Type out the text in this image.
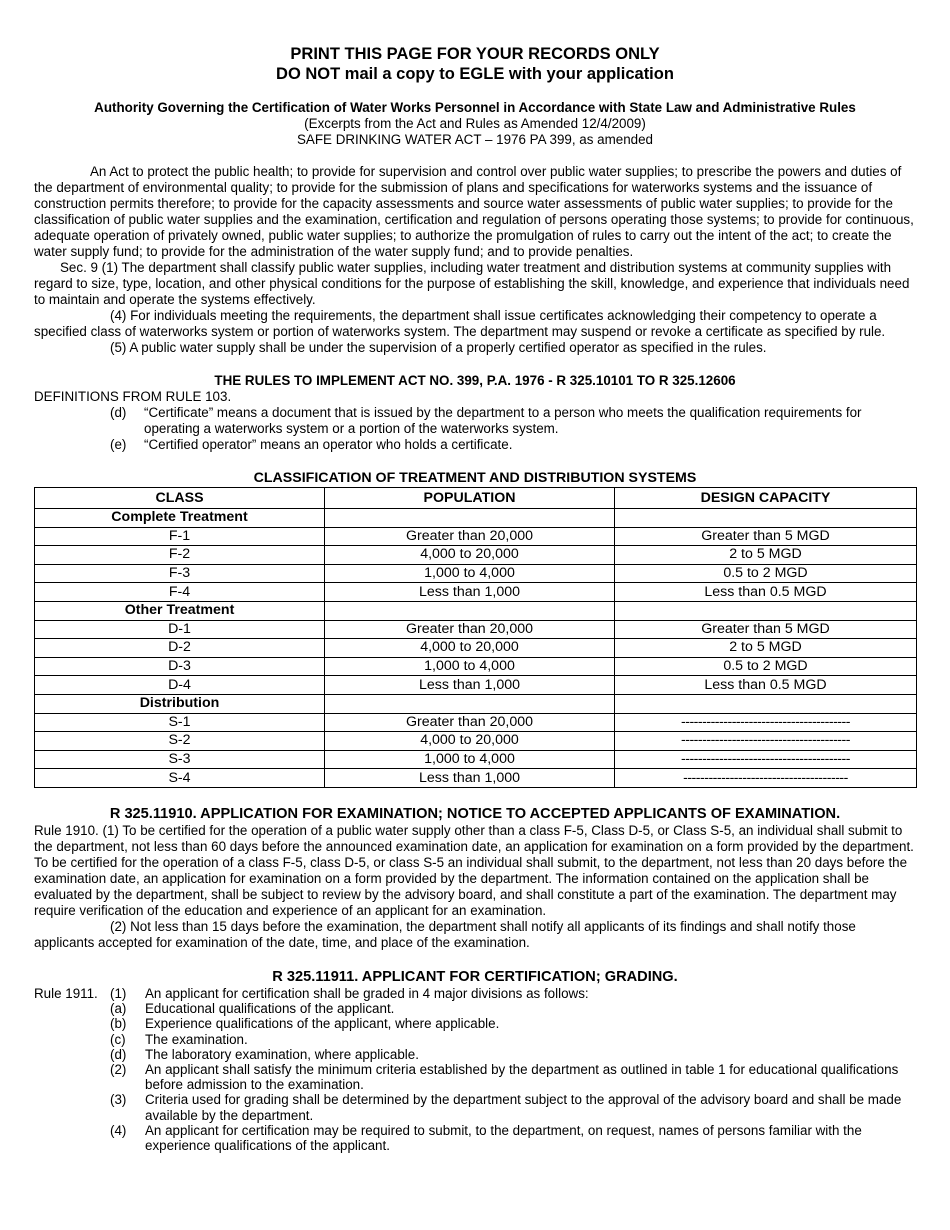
PRINT THIS PAGE FOR YOUR RECORDS ONLY
DO NOT mail a copy to EGLE with your application
Authority Governing the Certification of Water Works Personnel in Accordance with State Law and Administrative Rules
(Excerpts from the Act and Rules as Amended 12/4/2009)
SAFE DRINKING WATER ACT – 1976 PA 399, as amended

An Act to protect the public health; to provide for supervision and control over public water supplies; to prescribe the powers and duties of the department of environmental quality; to provide for the submission of plans and specifications for waterworks systems and the issuance of construction permits therefore; to provide for the capacity assessments and source water assessments of public water supplies; to provide for the classification of public water supplies and the examination, certification and regulation of persons operating those systems; to provide for continuous, adequate operation of privately owned, public water supplies; to authorize the promulgation of rules to carry out the intent of the act; to create the water supply fund; to provide for the administration of the water supply fund; and to provide penalties.

Sec. 9 (1) The department shall classify public water supplies, including water treatment and distribution systems at community supplies with regard to size, type, location, and other physical conditions for the purpose of establishing the skill, knowledge, and experience that individuals need to maintain and operate the systems effectively.

(4) For individuals meeting the requirements, the department shall issue certificates acknowledging their competency to operate a specified class of waterworks system or portion of waterworks system. The department may suspend or revoke a certificate as specified by rule.

(5) A public water supply shall be under the supervision of a properly certified operator as specified in the rules.

THE RULES TO IMPLEMENT ACT NO. 399, P.A. 1976 - R 325.10101 TO R 325.12606
DEFINITIONS FROM RULE 103.
(d) “Certificate” means a document that is issued by the department to a person who meets the qualification requirements for operating a waterworks system or a portion of the waterworks system.
(e) “Certified operator” means an operator who holds a certificate.
CLASSIFICATION OF TREATMENT AND DISTRIBUTION SYSTEMS
CLASS	POPULATION	DESIGN CAPACITY
Complete Treatment		
F-1	Greater than 20,000	Greater than 5 MGD
F-2	4,000 to 20,000	2 to 5 MGD
F-3	1,000 to 4,000	0.5 to 2 MGD
F-4	Less than 1,000	Less than 0.5 MGD
Other Treatment		
D-1	Greater than 20,000	Greater than 5 MGD
D-2	4,000 to 20,000	2 to 5 MGD
D-3	1,000 to 4,000	0.5 to 2 MGD
D-4	Less than 1,000	Less than 0.5 MGD
Distribution		
S-1	Greater than 20,000	----------------------------------------
S-2	4,000 to 20,000	----------------------------------------
S-3	1,000 to 4,000	----------------------------------------
S-4	Less than 1,000	---------------------------------------
R 325.11910. APPLICATION FOR EXAMINATION; NOTICE TO ACCEPTED APPLICANTS OF EXAMINATION.

Rule 1910. (1) To be certified for the operation of a public water supply other than a class F-5, Class D-5, or Class S-5, an individual shall submit to the department, not less than 60 days before the announced examination date, an application for examination on a form provided by the department. To be certified for the operation of a class F-5, class D-5, or class S-5 an individual shall submit, to the department, not less than 20 days before the examination date, an application for examination on a form provided by the department. The information contained on the application shall be evaluated by the department, shall be subject to review by the advisory board, and shall constitute a part of the examination. The department may require verification of the education and experience of an applicant for an examination.

(2) Not less than 15 days before the examination, the department shall notify all applicants of its findings and shall notify those applicants accepted for examination of the date, time, and place of the examination.

R 325.11911. APPLICANT FOR CERTIFICATION; GRADING.
Rule 1911. (1) An applicant for certification shall be graded in 4 major divisions as follows:
(a) Educational qualifications of the applicant.
(b) Experience qualifications of the applicant, where applicable.
(c) The examination.
(d) The laboratory examination, where applicable.
(2) An applicant shall satisfy the minimum criteria established by the department as outlined in table 1 for educational qualifications before admission to the examination.
(3) Criteria used for grading shall be determined by the department subject to the approval of the advisory board and shall be made available by the department.
(4) An applicant for certification may be required to submit, to the department, on request, names of persons familiar with the experience qualifications of the applicant.
